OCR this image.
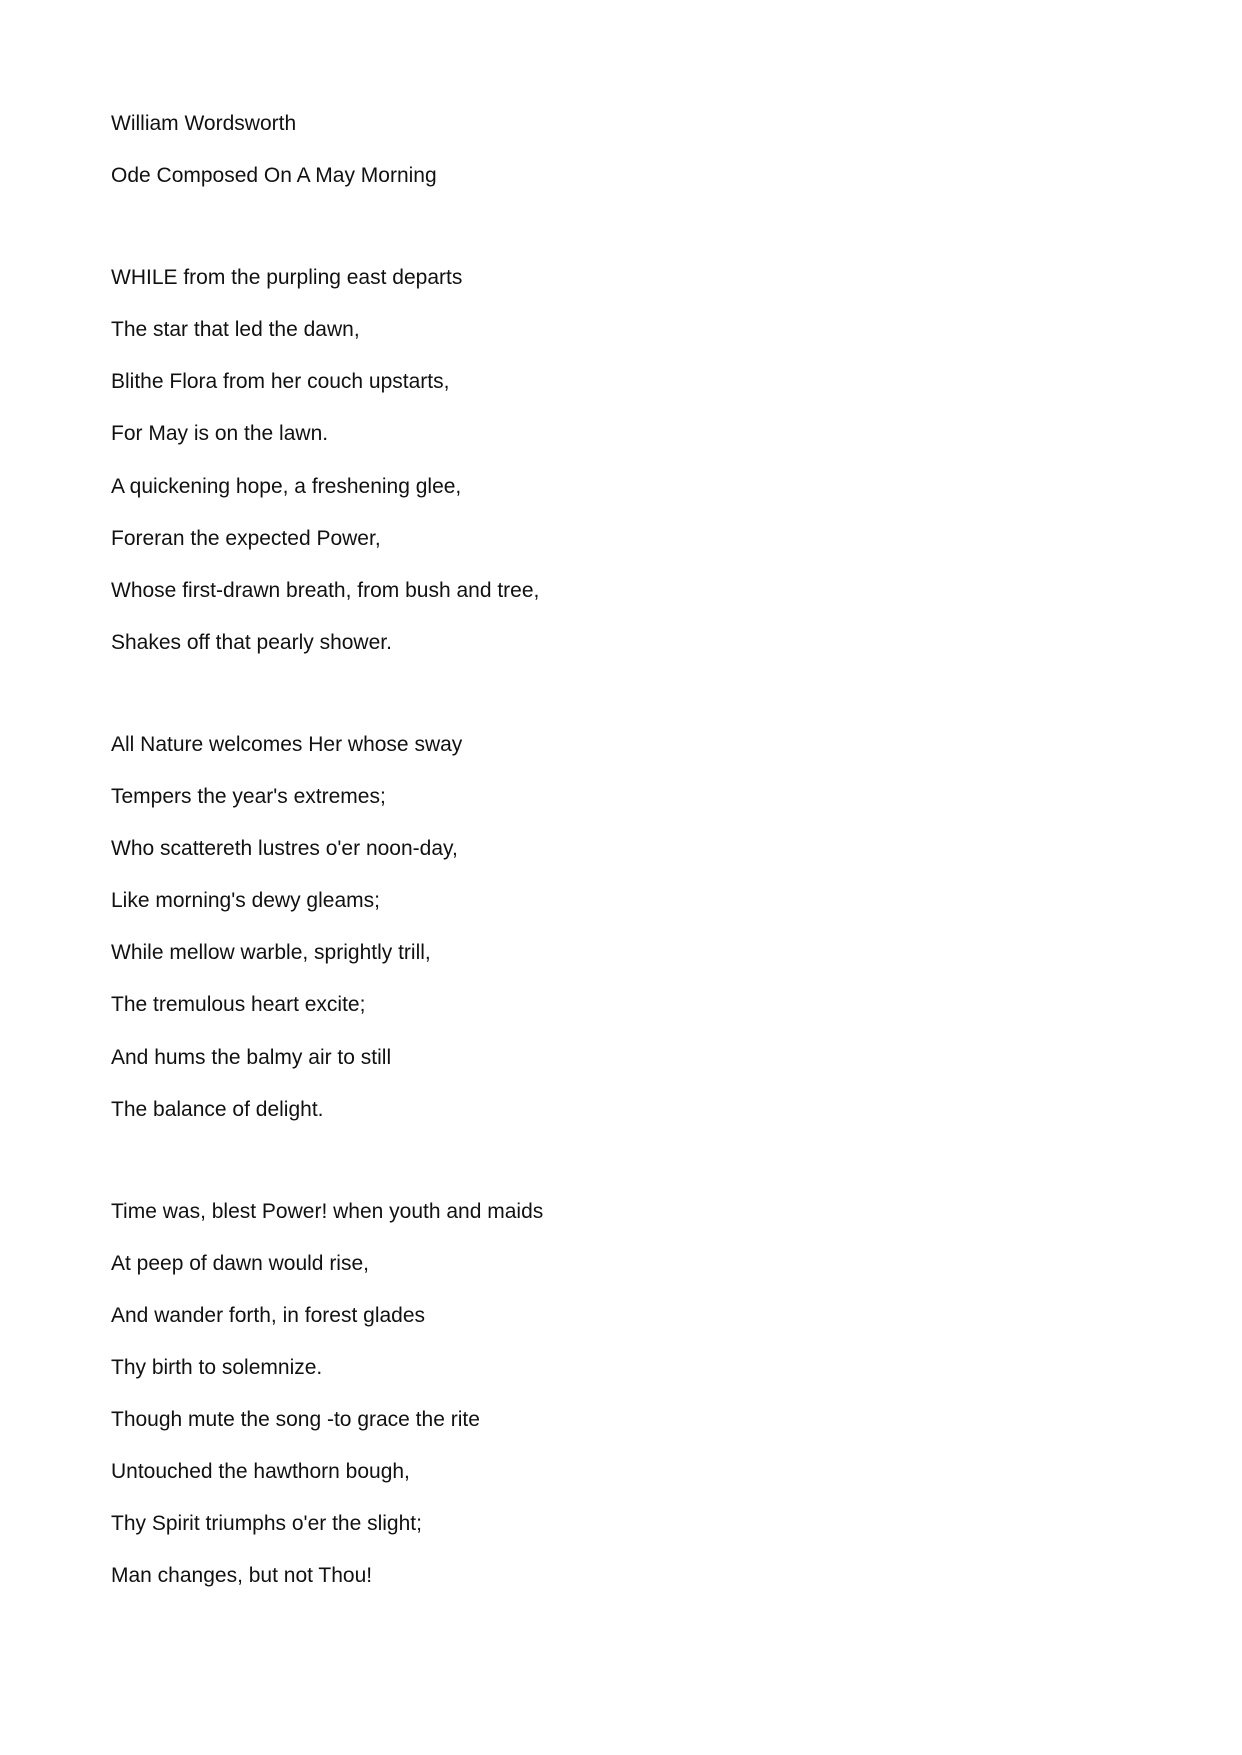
William Wordsworth
Ode Composed On A May Morning
WHILE from the purpling east departs
The star that led the dawn,
Blithe Flora from her couch upstarts,
For May is on the lawn.
A quickening hope, a freshening glee,
Foreran the expected Power,
Whose first-drawn breath, from bush and tree,
Shakes off that pearly shower.
All Nature welcomes Her whose sway
Tempers the year's extremes;
Who scattereth lustres o'er noon-day,
Like morning's dewy gleams;
While mellow warble, sprightly trill,
The tremulous heart excite;
And hums the balmy air to still
The balance of delight.
Time was, blest Power! when youth and maids
At peep of dawn would rise,
And wander forth, in forest glades
Thy birth to solemnize.
Though mute the song -to grace the rite
Untouched the hawthorn bough,
Thy Spirit triumphs o'er the slight;
Man changes, but not Thou!
